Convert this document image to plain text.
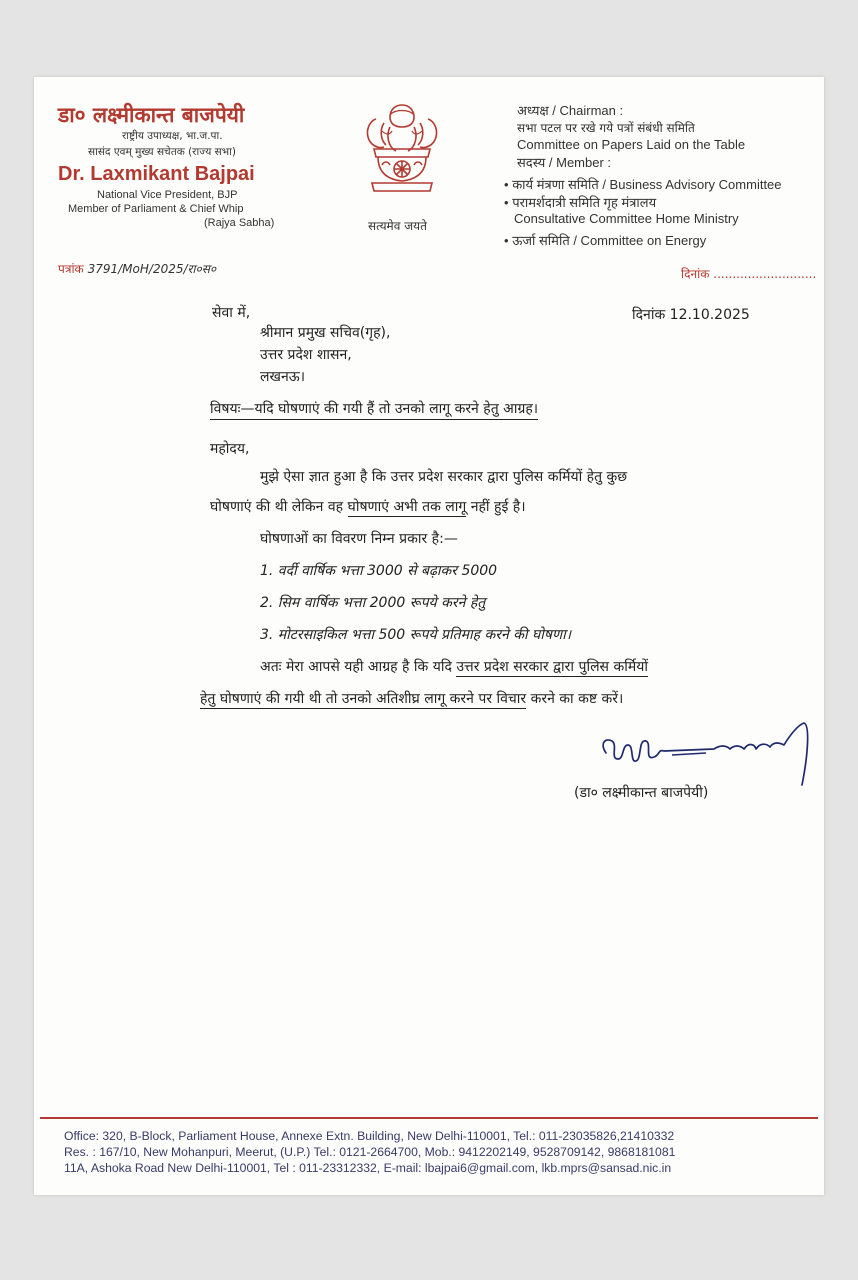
डा० लक्ष्मीकान्त बाजपेयी
राष्ट्रीय उपाध्यक्ष, भा.ज.पा.
सासंद एवम् मुख्य सचेतक (राज्य सभा)
Dr. Laxmikant Bajpai
National Vice President, BJP
Member of Parliament & Chief Whip
(Rajya Sabha)	सत्यमेव जयते
अध्यक्ष / Chairman :
सभा पटल पर रखे गये पत्रों संबंधी समिति
Committee on Papers Laid on the Table
सदस्य / Member :
• कार्य मंत्रणा समिति / Business Advisory Committee
• परामर्शदात्री समिति गृह मंत्रालय
Consultative Committee Home Ministry
• ऊर्जा समिति / Committee on Energy
पत्रांक 3791/MoH/2025/रा०स०	दिनांक ...........................
दिनांक 12.10.2025
सेवा में,
श्रीमान प्रमुख सचिव(गृह),
उत्तर प्रदेश शासन,
लखनऊ।
विषयः—यदि घोषणाएं की गयी हैं तो उनको लागू करने हेतु आग्रह।
महोदय,
मुझे ऐसा ज्ञात हुआ है कि उत्तर प्रदेश सरकार द्वारा पुलिस कर्मियों हेतु कुछ
घोषणाएं की थी लेकिन वह घोषणाएं अभी तक लागू नहीं हुई है।
घोषणाओं का विवरण निम्न प्रकार है:—
1. वर्दी वार्षिक भत्ता 3000 से बढ़ाकर 5000
2. सिम वार्षिक भत्ता 2000 रूपये करने हेतु
3. मोटरसाइकिल भत्ता 500 रूपये प्रतिमाह करने की घोषणा।
अतः मेरा आपसे यही आग्रह है कि यदि उत्तर प्रदेश सरकार द्वारा पुलिस कर्मियों
हेतु घोषणाएं की गयी थी तो उनको अतिशीघ्र लागू करने पर विचार करने का कष्ट करें।
(डा० लक्ष्मीकान्त बाजपेयी)
Office: 320, B-Block, Parliament House, Annexe Extn. Building, New Delhi-110001, Tel.: 011-23035826,21410332
Res. : 167/10, New Mohanpuri, Meerut, (U.P.) Tel.: 0121-2664700, Mob.: 9412202149, 9528709142, 9868181081
11A, Ashoka Road New Delhi-110001, Tel : 011-23312332, E-mail: lbajpai6@gmail.com, lkb.mprs@sansad.nic.in
